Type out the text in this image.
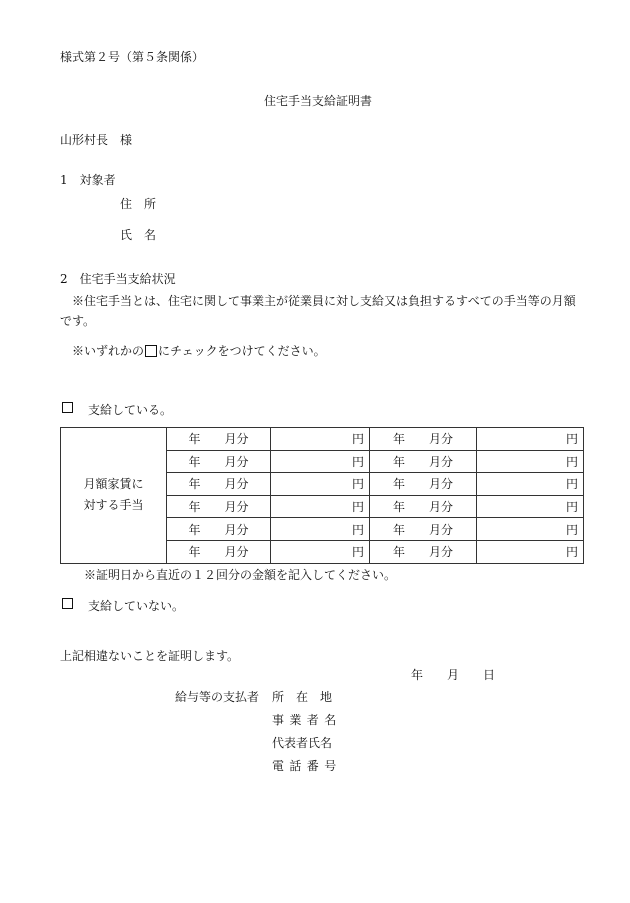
様式第２号（第５条関係）
住宅手当支給証明書
山形村長　様
1　対象者
住　所
氏　名
2　住宅手当支給状況
※住宅手当とは、住宅に関して事業主が従業員に対し支給又は負担するすべての手当等の月額
です。
※いずれかの にチェックをつけてください。
支給している。
月額家賃に
対する手当	年　　月分	円	年　　月分	円
	年　　月分	円	年　　月分	円
	年　　月分	円	年　　月分	円
	年　　月分	円	年　　月分	円
	年　　月分	円	年　　月分	円
	年　　月分	円	年　　月分	円
※証明日から直近の１２回分の金額を記入してください。
支給していない。
上記相違ないことを証明します。
年　　月　　日
給与等の支払者 所　在　地
事業者名
代表者氏名
電話番号
